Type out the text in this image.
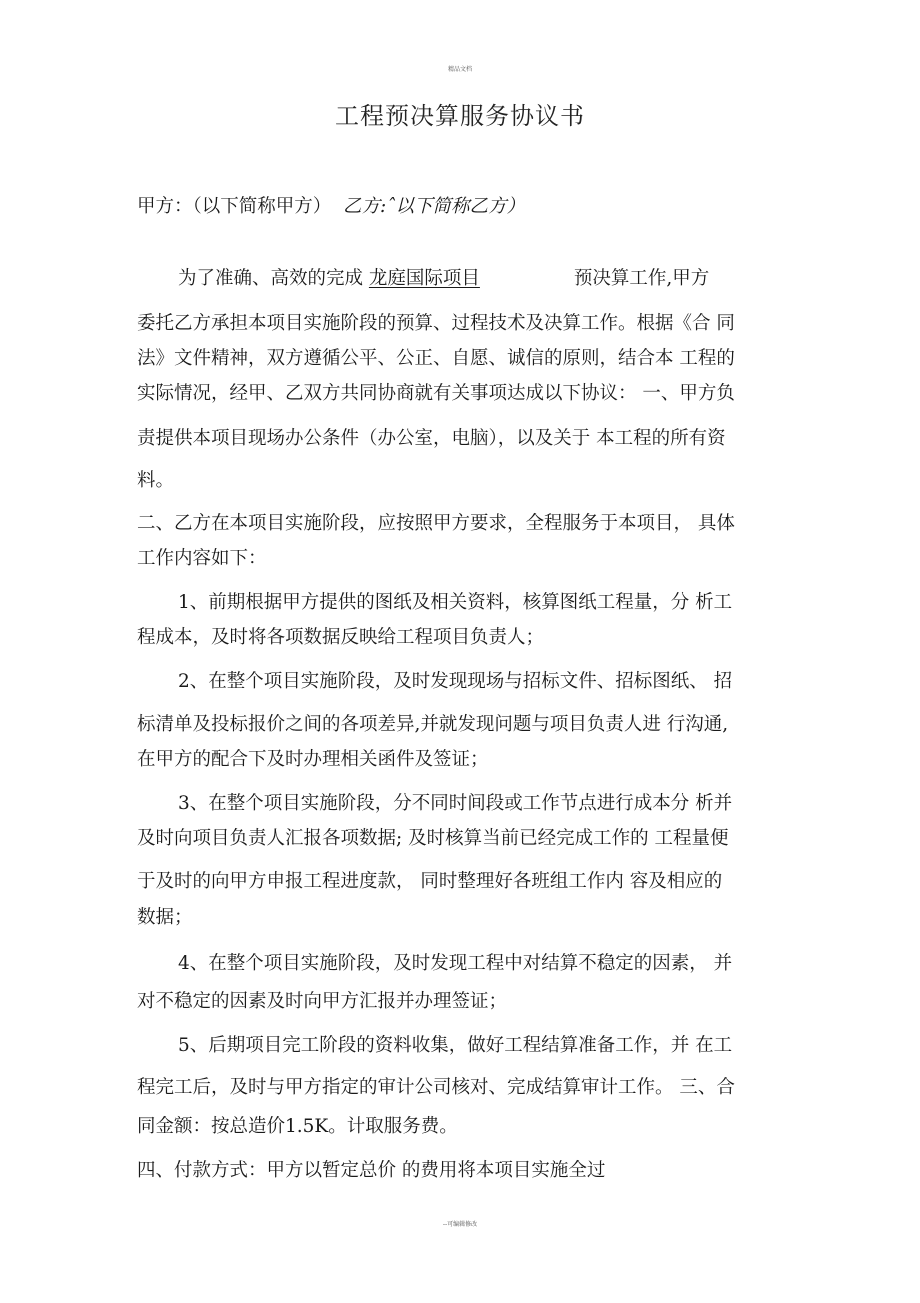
精品文档
工程预决算服务协议书
甲方：（以下简称甲方） 乙方:ˆ以下简称乙方）
为了准确、高效的完成 龙庭国际项目	预决算工作,甲方
委托乙方承担本项目实施阶段的预算、过程技术及决算工作。根据《合 同
法》文件精神，双方遵循公平、公正、自愿、诚信的原则，结合本 工程的
实际情况，经甲、乙双方共同协商就有关事项达成以下协议： 一、甲方负
责提供本项目现场办公条件（办公室，电脑），以及关于 本工程的所有资
料。
二、乙方在本项目实施阶段，应按照甲方要求，全程服务于本项目， 具体
工作内容如下：
1、前期根据甲方提供的图纸及相关资料，核算图纸工程量，分 析工
程成本，及时将各项数据反映给工程项目负责人；
2、在整个项目实施阶段，及时发现现场与招标文件、招标图纸、 招
标清单及投标报价之间的各项差异,并就发现问题与项目负责人进 行沟通,
在甲方的配合下及时办理相关函件及签证；
3、在整个项目实施阶段，分不同时间段或工作节点进行成本分 析并
及时向项目负责人汇报各项数据; 及时核算当前已经完成工作的 工程量便
于及时的向甲方申报工程进度款， 同时整理好各班组工作内 容及相应的
数据；
4、在整个项目实施阶段，及时发现工程中对结算不稳定的因素， 并
对不稳定的因素及时向甲方汇报并办理签证；
5、后期项目完工阶段的资料收集，做好工程结算准备工作，并 在工
程完工后，及时与甲方指定的审计公司核对、完成结算审计工作。 三、合
同金额：按总造价1.5K。计取服务费。
四、付款方式：甲方以暂定总价 的费用将本项目实施全过
--可编辑修改
